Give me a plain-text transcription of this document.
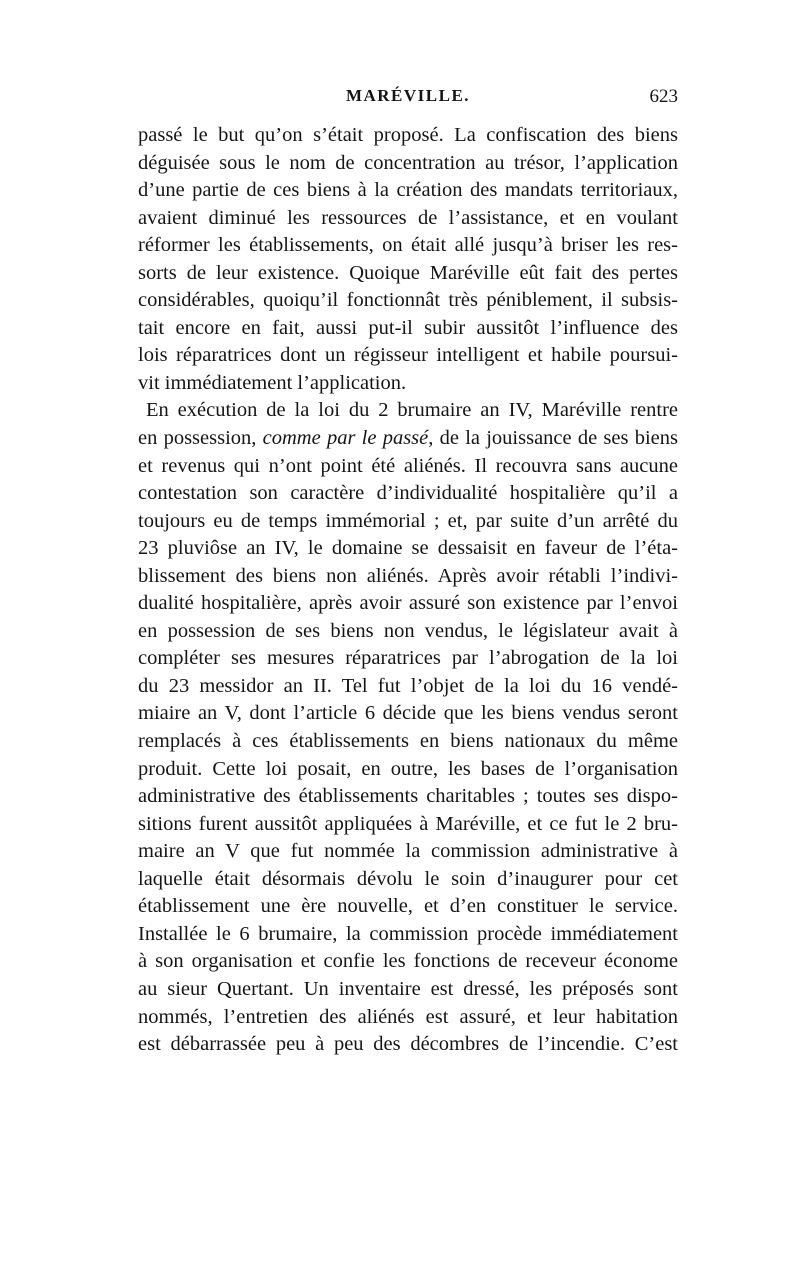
MARÉVILLE.	623
passé le but qu’on s’était proposé. La confiscation des biens
déguisée sous le nom de concentration au trésor, l’application
d’une partie de ces biens à la création des mandats territoriaux,
avaient diminué les ressources de l’assistance, et en voulant
réformer les établissements, on était allé jusqu’à briser les res-
sorts de leur existence. Quoique Maréville eût fait des pertes
considérables, quoiqu’il fonctionnât très péniblement, il subsis-
tait encore en fait, aussi put-il subir aussitôt l’influence des
lois réparatrices dont un régisseur intelligent et habile poursui-
vit immédiatement l’application.
En exécution de la loi du 2 brumaire an IV, Maréville rentre
en possession, comme par le passé, de la jouissance de ses biens
et revenus qui n’ont point été aliénés. Il recouvra sans aucune
contestation son caractère d’individualité hospitalière qu’il a
toujours eu de temps immémorial ; et, par suite d’un arrêté du
23 pluviôse an IV, le domaine se dessaisit en faveur de l’éta-
blissement des biens non aliénés. Après avoir rétabli l’indivi-
dualité hospitalière, après avoir assuré son existence par l’envoi
en possession de ses biens non vendus, le législateur avait à
compléter ses mesures réparatrices par l’abrogation de la loi
du 23 messidor an II. Tel fut l’objet de la loi du 16 vendé-
miaire an V, dont l’article 6 décide que les biens vendus seront
remplacés à ces établissements en biens nationaux du même
produit. Cette loi posait, en outre, les bases de l’organisation
administrative des établissements charitables ; toutes ses dispo-
sitions furent aussitôt appliquées à Maréville, et ce fut le 2 bru-
maire an V que fut nommée la commission administrative à
laquelle était désormais dévolu le soin d’inaugurer pour cet
établissement une ère nouvelle, et d’en constituer le service.
Installée le 6 brumaire, la commission procède immédiatement
à son organisation et confie les fonctions de receveur économe
au sieur Quertant. Un inventaire est dressé, les préposés sont
nommés, l’entretien des aliénés est assuré, et leur habitation
est débarrassée peu à peu des décombres de l’incendie. C’est
